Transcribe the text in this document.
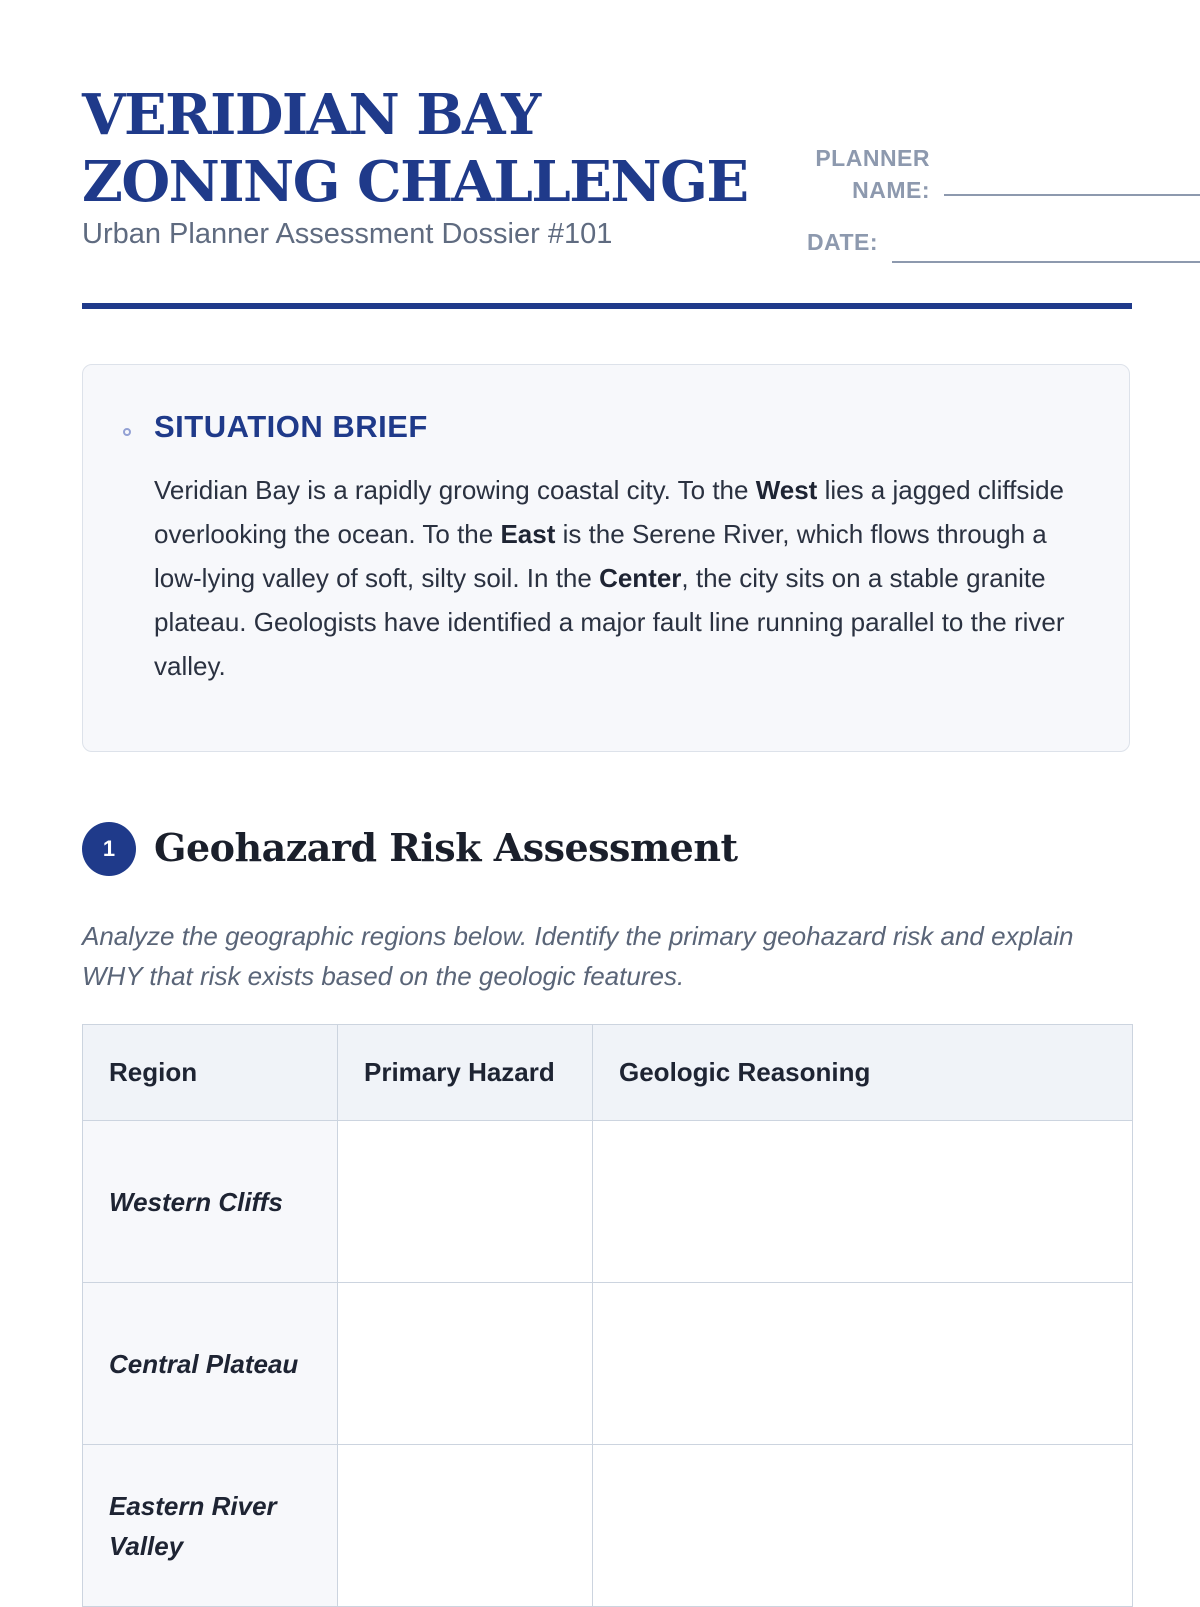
VERIDIAN BAY
ZONING CHALLENGE
Urban Planner Assessment Dossier #101
PLANNER
NAME:
DATE:
SITUATION BRIEF

Veridian Bay is a rapidly growing coastal city. To the West lies a jagged cliffside overlooking the ocean. To the East is the Serene River, which flows through a low-lying valley of soft, silty soil. In the Center, the city sits on a stable granite plateau. Geologists have identified a major fault line running parallel to the river valley.

1	Geohazard Risk Assessment

Analyze the geographic regions below. Identify the primary geohazard risk and explain WHY that risk exists based on the geologic features.

Region	Primary Hazard	Geologic Reasoning
Western Cliffs		
Central Plateau		
Eastern River Valley		
